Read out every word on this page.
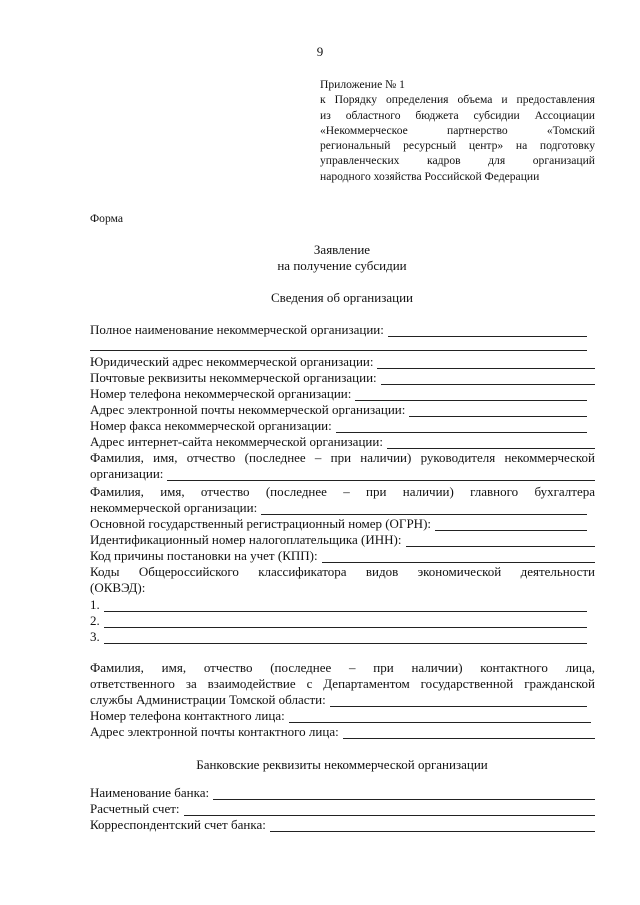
9
Приложение № 1
к Порядку определения объема и предоставления
из областного бюджета субсидии Ассоциации
«Некоммерческое партнерство «Томский
региональный ресурсный центр» на подготовку
управленческих кадров для организаций
народного хозяйства Российской Федерации
Форма
Заявление
на получение субсидии
Сведения об организации
Полное наименование некоммерческой организации:
Юридический адрес некоммерческой организации:
Почтовые реквизиты некоммерческой организации:
Номер телефона некоммерческой организации:
Адрес электронной почты некоммерческой организации:
Номер факса некоммерческой организации:
Адрес интернет-сайта некоммерческой организации:
Фамилия, имя, отчество (последнее – при наличии) руководителя некоммерческой
организации:
Фамилия, имя, отчество (последнее – при наличии) главного бухгалтера
некоммерческой организации:
Основной государственный регистрационный номер (ОГРН):
Идентификационный номер налогоплательщика (ИНН):
Код причины постановки на учет (КПП):
Коды Общероссийского классификатора видов экономической деятельности
(ОКВЭД):
1.
2.
3.
Фамилия, имя, отчество (последнее – при наличии) контактного лица,
ответственного за взаимодействие с Департаментом государственной гражданской
службы Администрации Томской области:
Номер телефона контактного лица:
Адрес электронной почты контактного лица:
Банковские реквизиты некоммерческой организации
Наименование банка:
Расчетный счет:
Корреспондентский счет банка:
